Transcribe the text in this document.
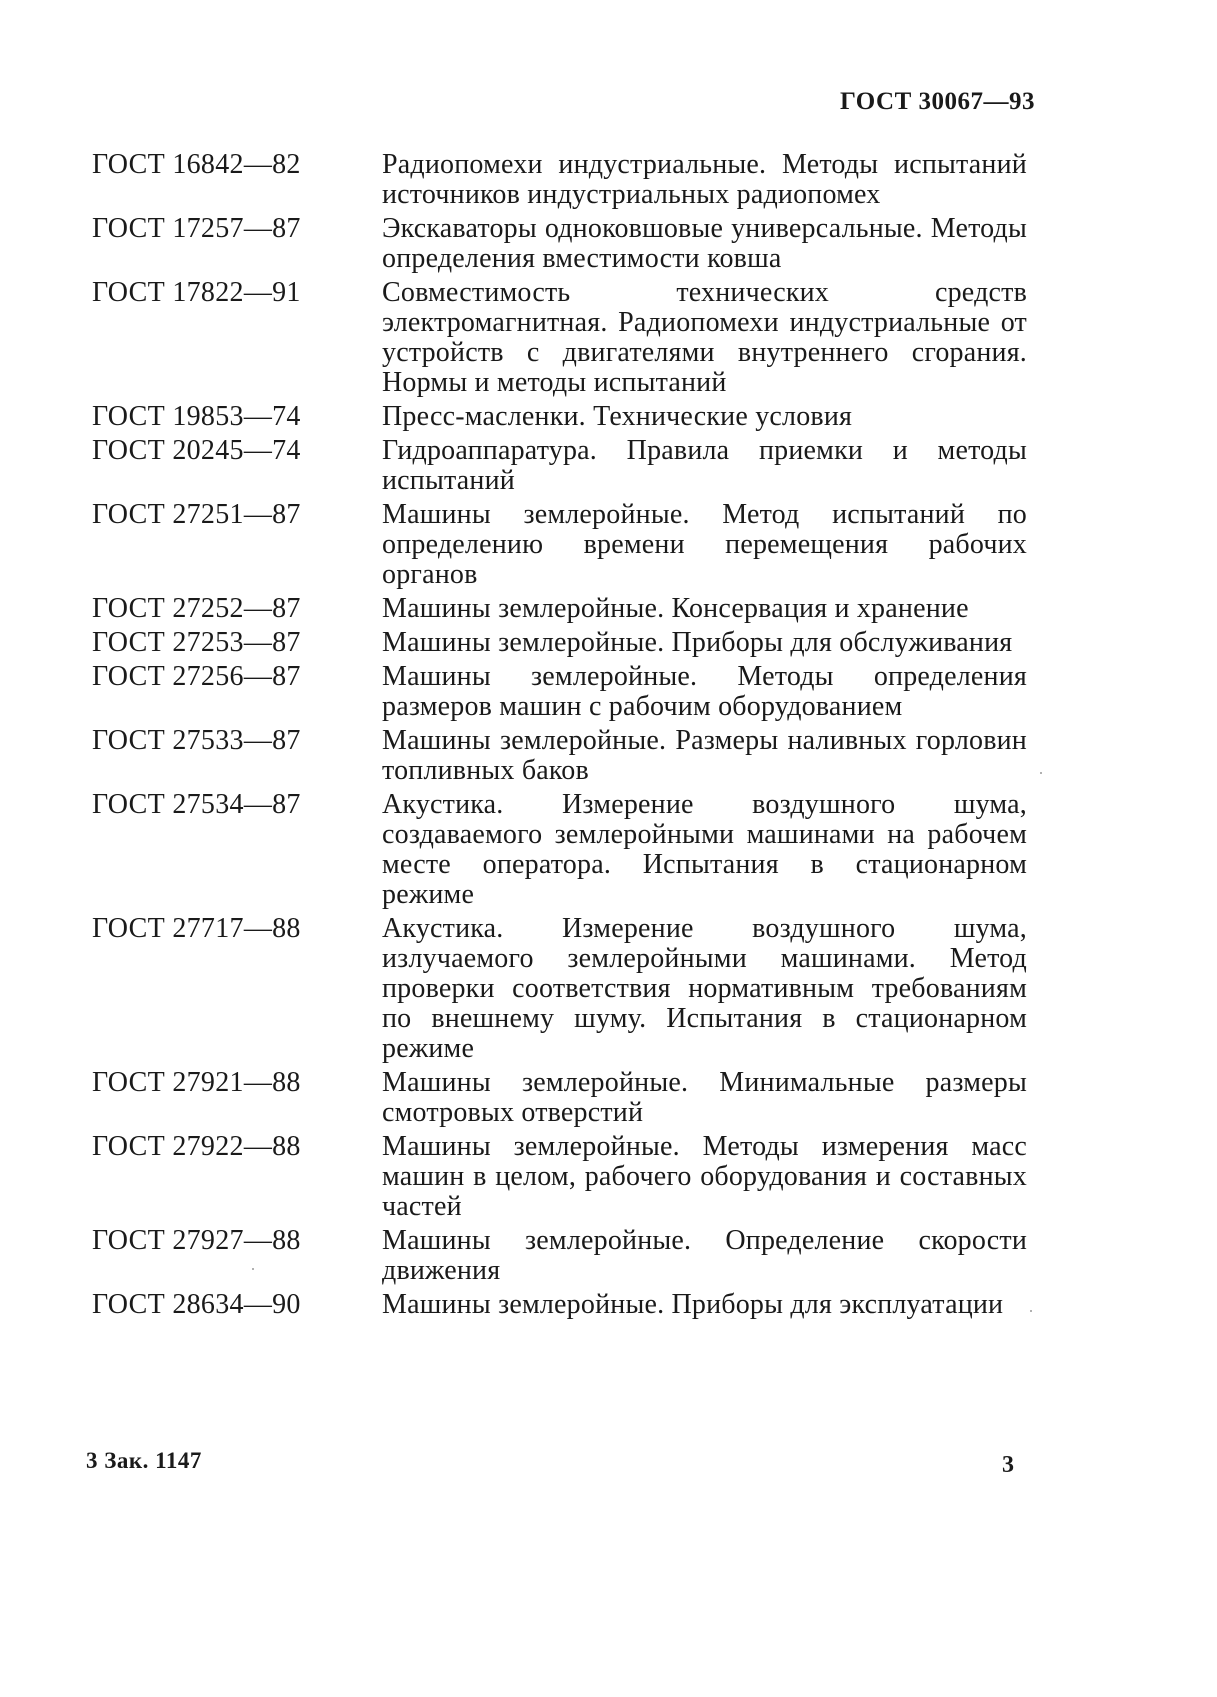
ГОСТ 30067—93
ГОСТ 16842—82	Радиопомехи индустриальные. Методы испытаний источников индустриальных радиопомех
ГОСТ 17257—87	Экскаваторы одноковшовые универсальные. Методы определения вместимости ковша
ГОСТ 17822—91	Совместимость технических средств электромагнитная. Радиопомехи индустриальные от устройств с двигателями внутреннего сгорания. Нормы и методы испытаний
ГОСТ 19853—74	Пресс-масленки. Технические условия
ГОСТ 20245—74	Гидроаппаратура. Правила приемки и методы испытаний
ГОСТ 27251—87	Машины землеройные. Метод испытаний по определению времени перемещения рабочих органов
ГОСТ 27252—87	Машины землеройные. Консервация и хранение
ГОСТ 27253—87	Машины землеройные. Приборы для обслуживания
ГОСТ 27256—87	Машины землеройные. Методы определения размеров машин с рабочим оборудованием
ГОСТ 27533—87	Машины землеройные. Размеры наливных горловин топливных баков
ГОСТ 27534—87	Акустика. Измерение воздушного шума, создаваемого землеройными машинами на рабочем месте оператора. Испытания в стационарном режиме
ГОСТ 27717—88	Акустика. Измерение воздушного шума, излучаемого землеройными машинами. Метод проверки соответствия нормативным требованиям по внешнему шуму. Испытания в стационарном режиме
ГОСТ 27921—88	Машины землеройные. Минимальные размеры смотровых отверстий
ГОСТ 27922—88	Машины землеройные. Методы измерения масс машин в целом, рабочего оборудования и составных частей
ГОСТ 27927—88	Машины землеройные. Определение скорости движения
ГОСТ 28634—90	Машины землеройные. Приборы для эксплуатации
3 Зак. 1147	3
